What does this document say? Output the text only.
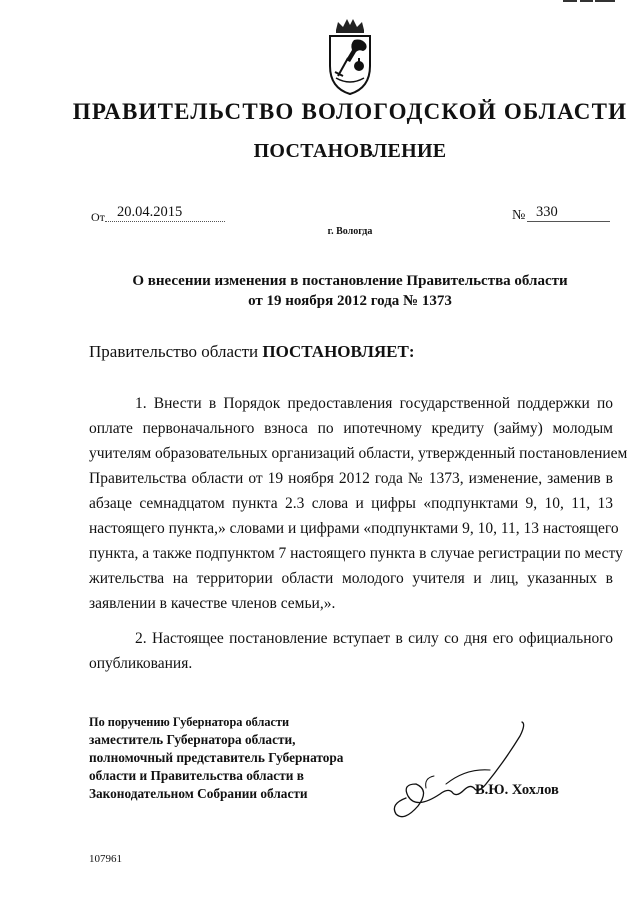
ПРАВИТЕЛЬСТВО ВОЛОГОДСКОЙ ОБЛАСТИ
ПОСТАНОВЛЕНИЕ
От 20.04.2015	№ 330
г. Вологда
О внесении изменения в постановление Правительства области
от 19 ноября 2012 года № 1373
Правительство области ПОСТАНОВЛЯЕТ:
1. Внести в Порядок предоставления государственной поддержки по
оплате первоначального взноса по ипотечному кредиту (займу) молодым
учителям образовательных организаций области, утвержденный постановлением
Правительства области от 19 ноября 2012 года № 1373, изменение, заменив в
абзаце семнадцатом пункта 2.3 слова и цифры «подпунктами 9, 10, 11, 13
настоящего пункта,» словами и цифрами «подпунктами 9, 10, 11, 13 настоящего
пункта, а также подпунктом 7 настоящего пункта в случае регистрации по месту
жительства на территории области молодого учителя и лиц, указанных в
заявлении в качестве членов семьи,».
2. Настоящее постановление вступает в силу со дня его официального
опубликования.
По поручению Губернатора области
заместитель Губернатора области,
полномочный представитель Губернатора
области и Правительства области в
Законодательном Собрании области	В.Ю. Хохлов
107961
